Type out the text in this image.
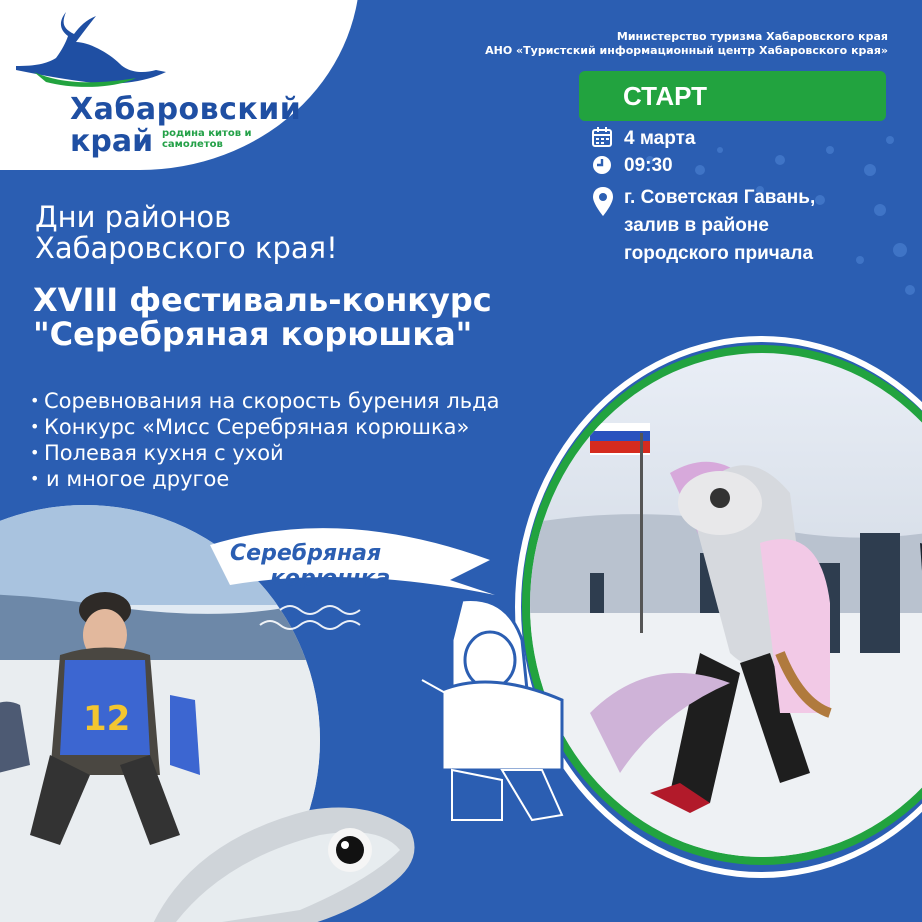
Хабаровский
край родина китов и самолетов
Министерство туризма Хабаровского края
АНО «Туристский информационный центр Хабаровского края»
СТАРТ
4 марта
09:30
г. Советская Гавань,
залив в районе
городского причала
Дни районов
Хабаровского края!
XVIII фестиваль-конкурс
"Серебряная корюшка"
• Соревнования на скорость бурения льда
• Конкурс «Мисс Серебряная корюшка»
• Полевая кухня с ухой
• и многое другое
12
Серебряная
корюшка
